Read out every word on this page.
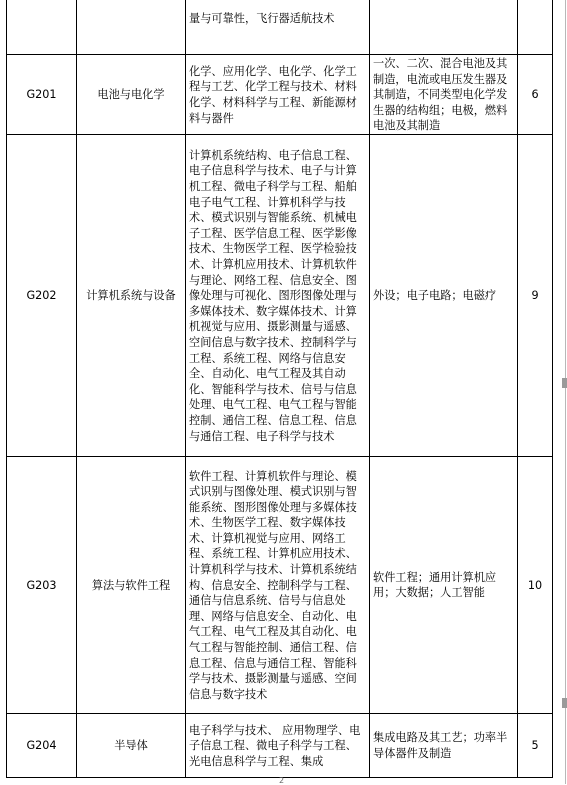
		量与可靠性，飞行器适航技术		
G201	电池与电化学	化学、应用化学、电化学、化学工程与工艺、化学工程与技术、材料化学、材料科学与工程、新能源材料与器件	一次、二次、混合电池及其制造，电流或电压发生器及其制造，不同类型电化学发生器的结构组；电极，燃料电池及其制造	6
G202	计算机系统与设备	计算机系统结构、电子信息工程、电子信息科学与技术、电子与计算机工程、微电子科学与工程、船舶电子电气工程、计算机科学与技术、模式识别与智能系统、机械电子工程、医学信息工程、医学影像技术、生物医学工程、医学检验技术、计算机应用技术、计算机软件与理论、网络工程、信息安全、图像处理与可视化、图形图像处理与多媒体技术、数字媒体技术、计算机视觉与应用、摄影测量与遥感、空间信息与数字技术、控制科学与工程、系统工程、网络与信息安全、自动化、电气工程及其自动化、智能科学与技术、信号与信息处理、电气工程、电气工程与智能控制、通信工程、信息工程、信息与通信工程、电子科学与技术	外设；电子电路；电磁疗	9
G203	算法与软件工程	软件工程、计算机软件与理论、模式识别与图像处理、模式识别与智能系统、图形图像处理与多媒体技术、生物医学工程、数字媒体技术、计算机视觉与应用、网络工程、系统工程、计算机应用技术、计算机科学与技术、计算机系统结构、信息安全、控制科学与工程、通信与信息系统、信号与信息处理、网络与信息安全、自动化、电气工程、电气工程及其自动化、电气工程与智能控制、通信工程、信息工程、信息与通信工程、智能科学与技术、摄影测量与遥感、空间信息与数字技术	软件工程；通用计算机应用；大数据；人工智能	10
G204	半导体	电子科学与技术、 应用物理学、电子信息工程、微电子科学与工程、光电信息科学与工程、集成	集成电路及其工艺；功率半导体器件及制造	5
2
